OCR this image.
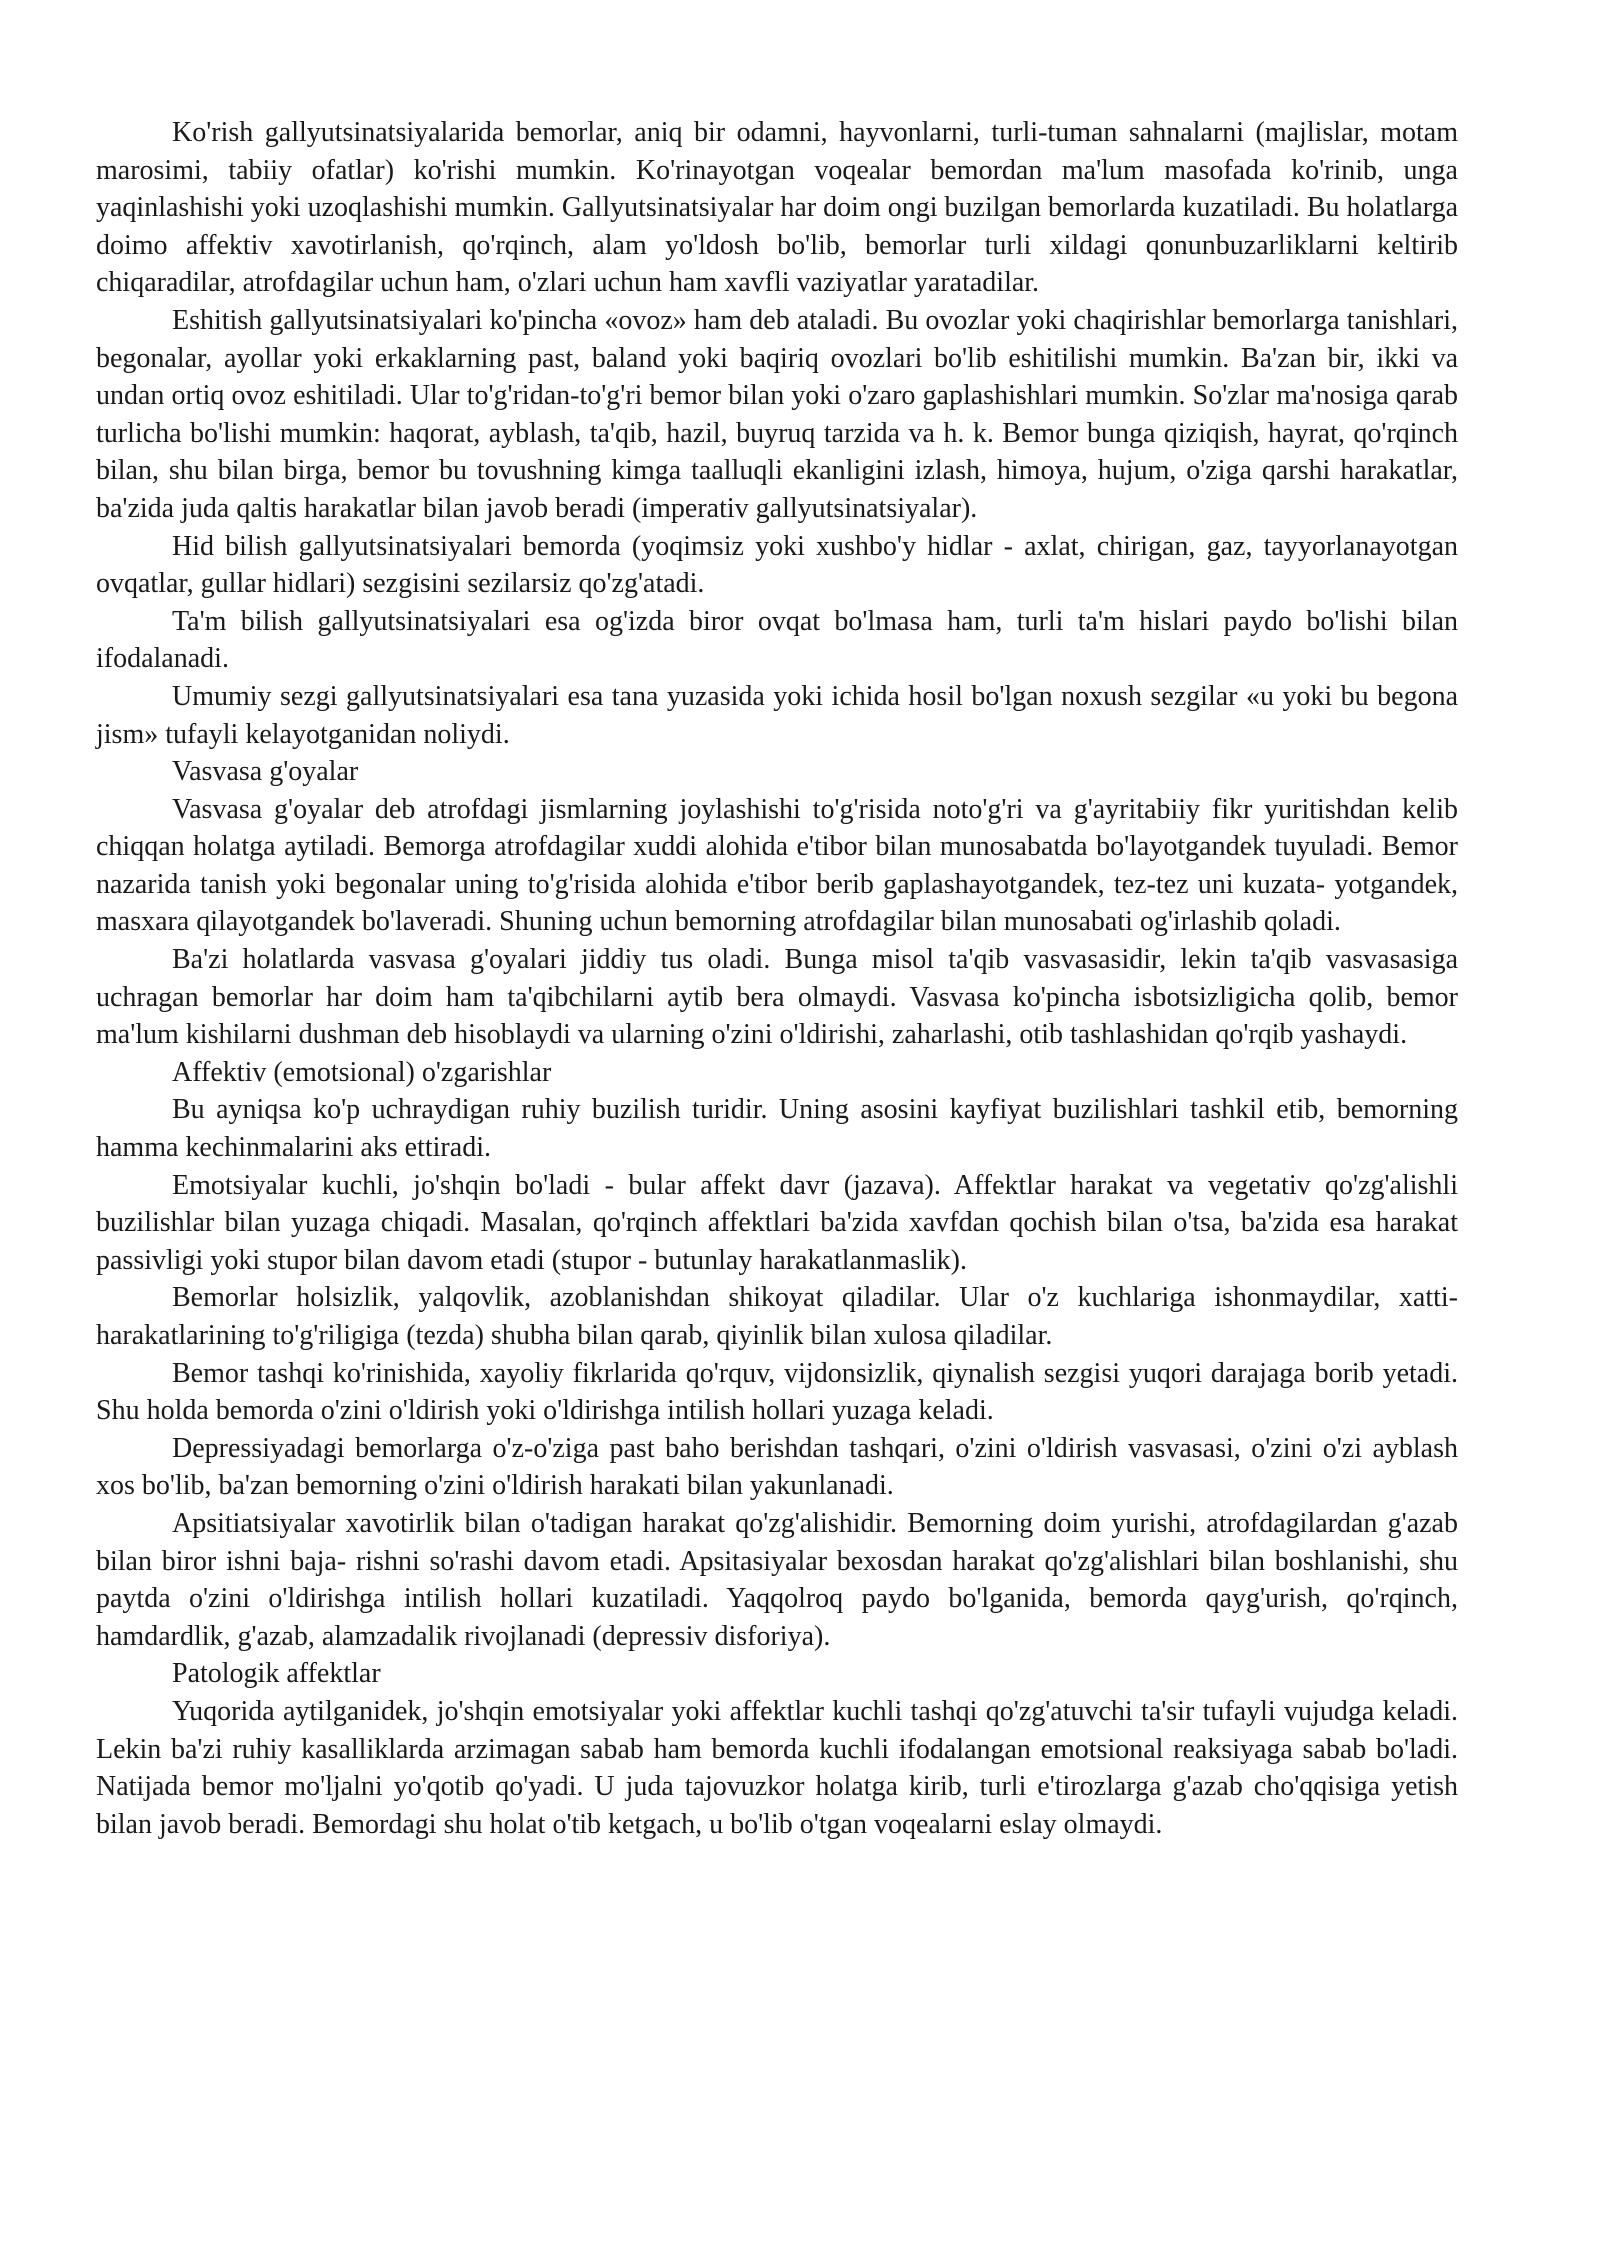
Ko'rish gallyutsinatsiyalarida bemorlar, aniq bir odamni, hayvonlarni, turli-tuman sahnalarni (majlislar, motam marosimi, tabiiy ofatlar) ko'rishi mumkin. Ko'rinayotgan voqealar bemordan ma'lum masofada ko'rinib, unga yaqinlashishi yoki uzoqlashishi mumkin. Gallyutsinatsiyalar har doim ongi buzilgan bemorlarda kuzatiladi. Bu holatlarga doimo affektiv xavotirlanish, qo'rqinch, alam yo'ldosh bo'lib, bemorlar turli xildagi qonunbuzarliklarni keltirib chiqaradilar, atrofdagilar uchun ham, o'zlari uchun ham xavfli vaziyatlar yaratadilar.

Eshitish gallyutsinatsiyalari ko'pincha «ovoz» ham deb ataladi. Bu ovozlar yoki chaqirishlar bemorlarga tanishlari, begonalar, ayollar yoki erkaklarning past, baland yoki baqiriq ovozlari bo'lib eshitilishi mumkin. Ba'zan bir, ikki va undan ortiq ovoz eshitiladi. Ular to'g'ridan-to'g'ri bemor bilan yoki o'zaro gaplashishlari mumkin. So'zlar ma'nosiga qarab turlicha bo'lishi mumkin: haqorat, ayblash, ta'qib, hazil, buyruq tarzida va h. k. Bemor bunga qiziqish, hayrat, qo'rqinch bilan, shu bilan birga, bemor bu tovushning kimga taalluqli ekanligini izlash, himoya, hujum, o'ziga qarshi harakatlar, ba'zida juda qaltis harakatlar bilan javob beradi (imperativ gallyutsinatsiyalar).

Hid bilish gallyutsinatsiyalari bemorda (yoqimsiz yoki xushbo'y hidlar - axlat, chirigan, gaz, tayyorlanayotgan ovqatlar, gullar hidlari) sezgisini sezilarsiz qo'zg'atadi.

Ta'm bilish gallyutsinatsiyalari esa og'izda biror ovqat bo'lmasa ham, turli ta'm hislari paydo bo'lishi bilan ifodalanadi.

Umumiy sezgi gallyutsinatsiyalari esa tana yuzasida yoki ichida hosil bo'lgan noxush sezgilar «u yoki bu begona jism» tufayli kelayotganidan noliydi.

Vasvasa g'oyalar

Vasvasa g'oyalar deb atrofdagi jismlarning joylashishi to'g'risida noto'g'ri va g'ayritabiiy fikr yuritishdan kelib chiqqan holatga aytiladi. Bemorga atrofdagilar xuddi alohida e'tibor bilan munosabatda bo'layotgandek tuyuladi. Bemor nazarida tanish yoki begonalar uning to'g'risida alohida e'tibor berib gaplashayotgandek, tez-tez uni kuzata- yotgandek, masxara qilayotgandek bo'laveradi. Shuning uchun bemorning atrofdagilar bilan munosabati og'irlashib qoladi.

Ba'zi holatlarda vasvasa g'oyalari jiddiy tus oladi. Bunga misol ta'qib vasvasasidir, lekin ta'qib vasvasasiga uchragan bemorlar har doim ham ta'qibchilarni aytib bera olmaydi. Vasvasa ko'pincha isbotsizligicha qolib, bemor ma'lum kishilarni dushman deb hisoblaydi va ularning o'zini o'ldirishi, zaharlashi, otib tashlashidan qo'rqib yashaydi.

Affektiv (emotsional) o'zgarishlar

Bu ayniqsa ko'p uchraydigan ruhiy buzilish turidir. Uning asosini kayfiyat buzilishlari tashkil etib, bemorning hamma kechinmalarini aks ettiradi.

Emotsiyalar kuchli, jo'shqin bo'ladi - bular affekt davr (jazava). Affektlar harakat va vegetativ qo'zg'alishli buzilishlar bilan yuzaga chiqadi. Masalan, qo'rqinch affektlari ba'zida xavfdan qochish bilan o'tsa, ba'zida esa harakat passivligi yoki stupor bilan davom etadi (stupor - butunlay harakatlanmaslik).

Bemorlar holsizlik, yalqovlik, azoblanishdan shikoyat qiladilar. Ular o'z kuchlariga ishonmaydilar, xatti-harakatlarining to'g'riligiga (tezda) shubha bilan qarab, qiyinlik bilan xulosa qiladilar.

Bemor tashqi ko'rinishida, xayoliy fikrlarida qo'rquv, vijdonsizlik, qiynalish sezgisi yuqori darajaga borib yetadi. Shu holda bemorda o'zini o'ldirish yoki o'ldirishga intilish hollari yuzaga keladi.

Depressiyadagi bemorlarga o'z-o'ziga past baho berishdan tashqari, o'zini o'ldirish vasvasasi, o'zini o'zi ayblash xos bo'lib, ba'zan bemorning o'zini o'ldirish harakati bilan yakunlanadi.

Apsitiatsiyalar xavotirlik bilan o'tadigan harakat qo'zg'alishidir. Bemorning doim yurishi, atrofdagilardan g'azab bilan biror ishni baja- rishni so'rashi davom etadi. Apsitasiyalar bexosdan harakat qo'zg'alishlari bilan boshlanishi, shu paytda o'zini o'ldirishga intilish hollari kuzatiladi. Yaqqolroq paydo bo'lganida, bemorda qayg'urish, qo'rqinch, hamdardlik, g'azab, alamzadalik rivojlanadi (depressiv disforiya).

Patologik affektlar

Yuqorida aytilganidek, jo'shqin emotsiyalar yoki affektlar kuchli tashqi qo'zg'atuvchi ta'sir tufayli vujudga keladi. Lekin ba'zi ruhiy kasalliklarda arzimagan sabab ham bemorda kuchli ifodalangan emotsional reaksiyaga sabab bo'ladi. Natijada bemor mo'ljalni yo'qotib qo'yadi. U juda tajovuzkor holatga kirib, turli e'tirozlarga g'azab cho'qqisiga yetish bilan javob beradi. Bemordagi shu holat o'tib ketgach, u bo'lib o'tgan voqealarni eslay olmaydi.
